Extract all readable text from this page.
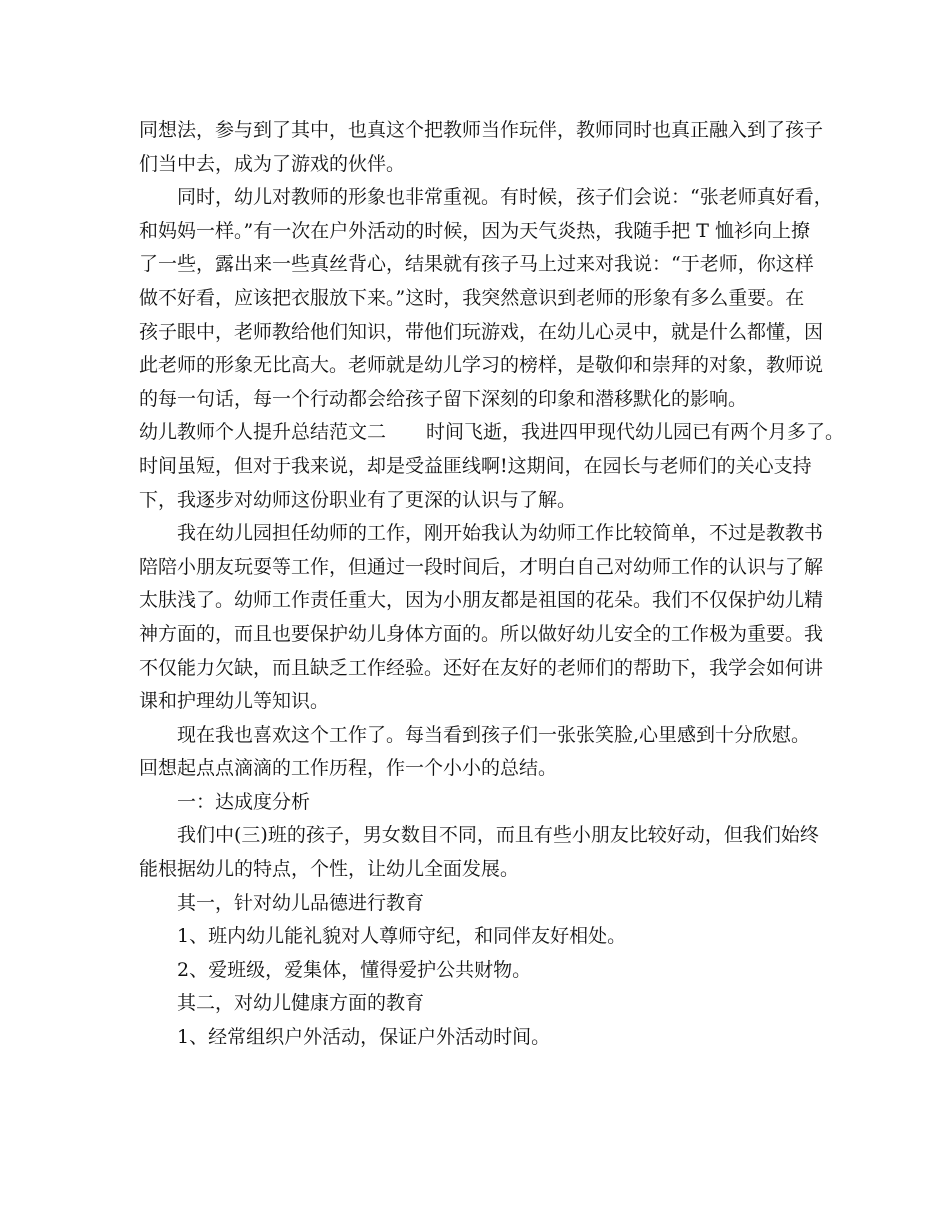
同想法，参与到了其中，也真这个把教师当作玩伴，教师同时也真正融入到了孩子
们当中去，成为了游戏的伙伴。
同时，幼儿对教师的形象也非常重视。有时候，孩子们会说：“张老师真好看，
和妈妈一样。”有一次在户外活动的时候，因为天气炎热，我随手把 T 恤衫向上撩
了一些，露出来一些真丝背心，结果就有孩子马上过来对我说：“于老师，你这样
做不好看，应该把衣服放下来。”这时，我突然意识到老师的形象有多么重要。在
孩子眼中，老师教给他们知识，带他们玩游戏，在幼儿心灵中，就是什么都懂，因
此老师的形象无比高大。老师就是幼儿学习的榜样，是敬仰和崇拜的对象，教师说
的每一句话，每一个行动都会给孩子留下深刻的印象和潜移默化的影响。
幼儿教师个人提升总结范文二 时间飞逝，我进四甲现代幼儿园已有两个月多了。
时间虽短，但对于我来说，却是受益匪线啊!这期间，在园长与老师们的关心支持
下，我逐步对幼师这份职业有了更深的认识与了解。
我在幼儿园担任幼师的工作，刚开始我认为幼师工作比较简单，不过是教教书
陪陪小朋友玩耍等工作，但通过一段时间后，才明白自己对幼师工作的认识与了解
太肤浅了。幼师工作责任重大，因为小朋友都是祖国的花朵。我们不仅保护幼儿精
神方面的，而且也要保护幼儿身体方面的。所以做好幼儿安全的工作极为重要。我
不仅能力欠缺，而且缺乏工作经验。还好在友好的老师们的帮助下，我学会如何讲
课和护理幼儿等知识。
现在我也喜欢这个工作了。每当看到孩子们一张张笑脸,心里感到十分欣慰。
回想起点点滴滴的工作历程，作一个小小的总结。
一：达成度分析
我们中(三)班的孩子，男女数目不同，而且有些小朋友比较好动，但我们始终
能根据幼儿的特点，个性，让幼儿全面发展。
其一，针对幼儿品德进行教育
1、班内幼儿能礼貌对人尊师守纪，和同伴友好相处。
2、爱班级，爱集体，懂得爱护公共财物。
其二，对幼儿健康方面的教育
1、经常组织户外活动，保证户外活动时间。
